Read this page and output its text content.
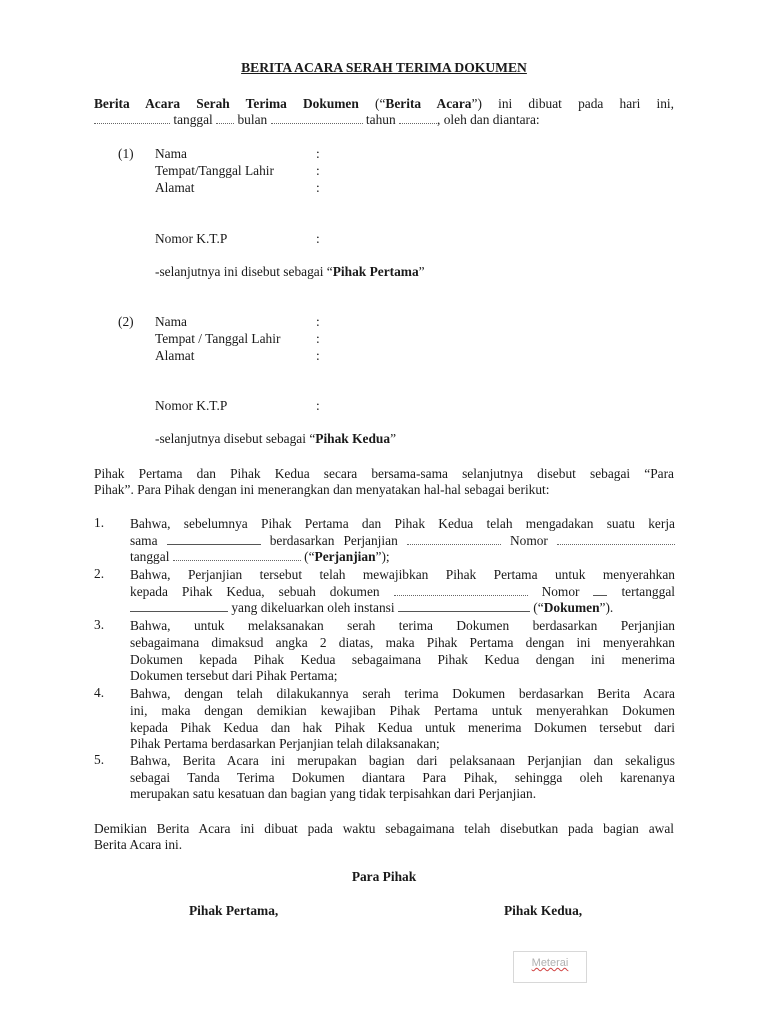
BERITA ACARA SERAH TERIMA DOKUMEN
Berita Acara Serah Terima Dokumen (“Berita Acara”) ini dibuat pada hari ini,
tanggal  bulan	tahun	, oleh dan diantara:
(1) Nama	:
Tempat/Tanggal Lahir	:
Alamat	:
Nomor K.T.P	:
-selanjutnya ini disebut sebagai “Pihak Pertama”
(2) Nama	:
Tempat / Tanggal Lahir	:
Alamat	:
Nomor K.T.P	:
-selanjutnya disebut sebagai “Pihak Kedua”
Pihak Pertama dan Pihak Kedua secara bersama-sama selanjutnya disebut sebagai “Para
Pihak”. Para Pihak dengan ini menerangkan dan menyatakan hal-hal sebagai berikut:
1. Bahwa, sebelumnya Pihak Pertama dan Pihak Kedua telah mengadakan suatu kerja
sama	berdasarkan Perjanjian	Nomor
tanggal	(“Perjanjian”);
2. Bahwa, Perjanjian tersebut telah mewajibkan Pihak Pertama untuk menyerahkan
kepada Pihak Kedua, sebuah dokumen	Nomor  tertanggal
yang dikeluarkan oleh instansi	(“Dokumen”).
3. Bahwa, untuk melaksanakan serah terima Dokumen berdasarkan Perjanjian
sebagaimana dimaksud angka 2 diatas, maka Pihak Pertama dengan ini menyerahkan
Dokumen kepada Pihak Kedua sebagaimana Pihak Kedua dengan ini menerima
Dokumen tersebut dari Pihak Pertama;
4. Bahwa, dengan telah dilakukannya serah terima Dokumen berdasarkan Berita Acara
ini, maka dengan demikian kewajiban Pihak Pertama untuk menyerahkan Dokumen
kepada Pihak Kedua dan hak Pihak Kedua untuk menerima Dokumen tersebut dari
Pihak Pertama berdasarkan Perjanjian telah dilaksanakan;
5. Bahwa, Berita Acara ini merupakan bagian dari pelaksanaan Perjanjian dan sekaligus
sebagai Tanda Terima Dokumen diantara Para Pihak, sehingga oleh karenanya
merupakan satu kesatuan dan bagian yang tidak terpisahkan dari Perjanjian.
Demikian Berita Acara ini dibuat pada waktu sebagaimana telah disebutkan pada bagian awal
Berita Acara ini.
Para Pihak
Pihak Pertama,	Pihak Kedua,
Meterai
